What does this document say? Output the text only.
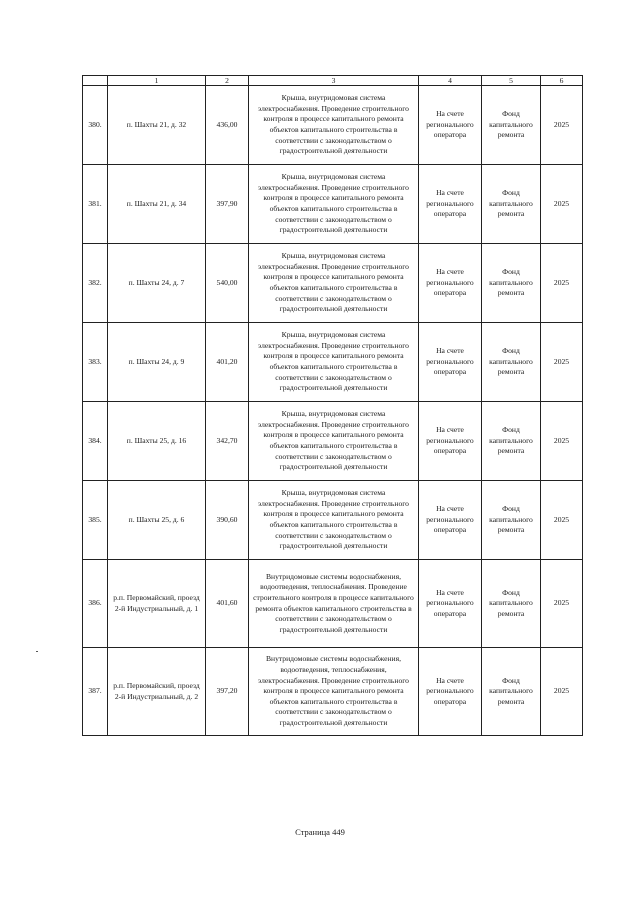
	1	2	3	4	5	6
380.	п. Шахты 21, д. 32	436,00	Крыша, внутридомовая система электроснабжения. Проведение строительного контроля в процессе капитального ремонта объектов капитального строительства в соответствии с законодательством о градостроительной деятельности	На счете регионального оператора	Фонд капитального ремонта	2025
381.	п. Шахты 21, д. 34	397,90	Крыша, внутридомовая система электроснабжения. Проведение строительного контроля в процессе капитального ремонта объектов капитального строительства в соответствии с законодательством о градостроительной деятельности	На счете регионального оператора	Фонд капитального ремонта	2025
382.	п. Шахты 24, д. 7	540,00	Крыша, внутридомовая система электроснабжения. Проведение строительного контроля в процессе капитального ремонта объектов капитального строительства в соответствии с законодательством о градостроительной деятельности	На счете регионального оператора	Фонд капитального ремонта	2025
383.	п. Шахты 24, д. 9	401,20	Крыша, внутридомовая система электроснабжения. Проведение строительного контроля в процессе капитального ремонта объектов капитального строительства в соответствии с законодательством о градостроительной деятельности	На счете регионального оператора	Фонд капитального ремонта	2025
384.	п. Шахты 25, д. 16	342,70	Крыша, внутридомовая система электроснабжения. Проведение строительного контроля в процессе капитального ремонта объектов капитального строительства в соответствии с законодательством о градостроительной деятельности	На счете регионального оператора	Фонд капитального ремонта	2025
385.	п. Шахты 25, д. 6	390,60	Крыша, внутридомовая система электроснабжения. Проведение строительного контроля в процессе капитального ремонта объектов капитального строительства в соответствии с законодательством о градостроительной деятельности	На счете регионального оператора	Фонд капитального ремонта	2025
386.	р.п. Первомайский, проезд 2-й Индустриальный, д. 1	401,60	Внутридомовые системы водоснабжения, водоотведения, теплоснабжения. Проведение строительного контроля в процессе капитального ремонта объектов капитального строительства в соответствии с законодательством о градостроительной деятельности	На счете регионального оператора	Фонд капитального ремонта	2025
387.	р.п. Первомайский, проезд 2-й Индустриальный, д. 2	397,20	Внутридомовые системы водоснабжения, водоотведения, теплоснабжения, электроснабжения. Проведение строительного контроля в процессе капитального ремонта объектов капитального строительства в соответствии с законодательством о градостроительной деятельности	На счете регионального оператора	Фонд капитального ремонта	2025
Страница 449
